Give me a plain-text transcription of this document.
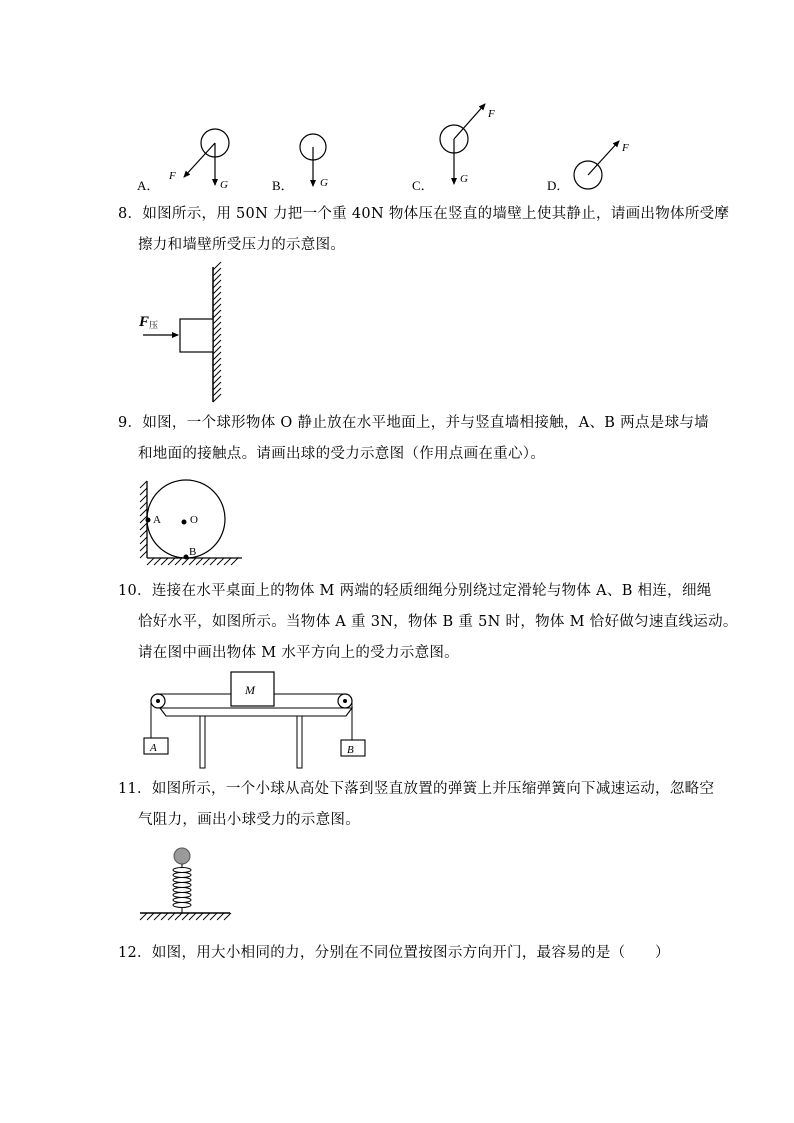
A．
F
G	B． G	C．
F
G	D．
F
8．如图所示，用 50N 力把一个重 40N 物体压在竖直的墙壁上使其静止，请画出物体所受摩
擦力和墙壁所受压力的示意图。
F 压
9．如图，一个球形物体 O 静止放在水平地面上，并与竖直墙相接触，A、B 两点是球与墙
和地面的接触点。请画出球的受力示意图（作用点画在重心）。
A	O
B
10．连接在水平桌面上的物体 M 两端的轻质细绳分别绕过定滑轮与物体 A、B 相连，细绳
恰好水平，如图所示。当物体 A 重 3N，物体 B 重 5N 时，物体 M 恰好做匀速直线运动。
请在图中画出物体 M 水平方向上的受力示意图。
M
A	B
11．如图所示，一个小球从高处下落到竖直放置的弹簧上并压缩弹簧向下减速运动，忽略空
气阻力，画出小球受力的示意图。
12．如图，用大小相同的力，分别在不同位置按图示方向开门，最容易的是（　　）
